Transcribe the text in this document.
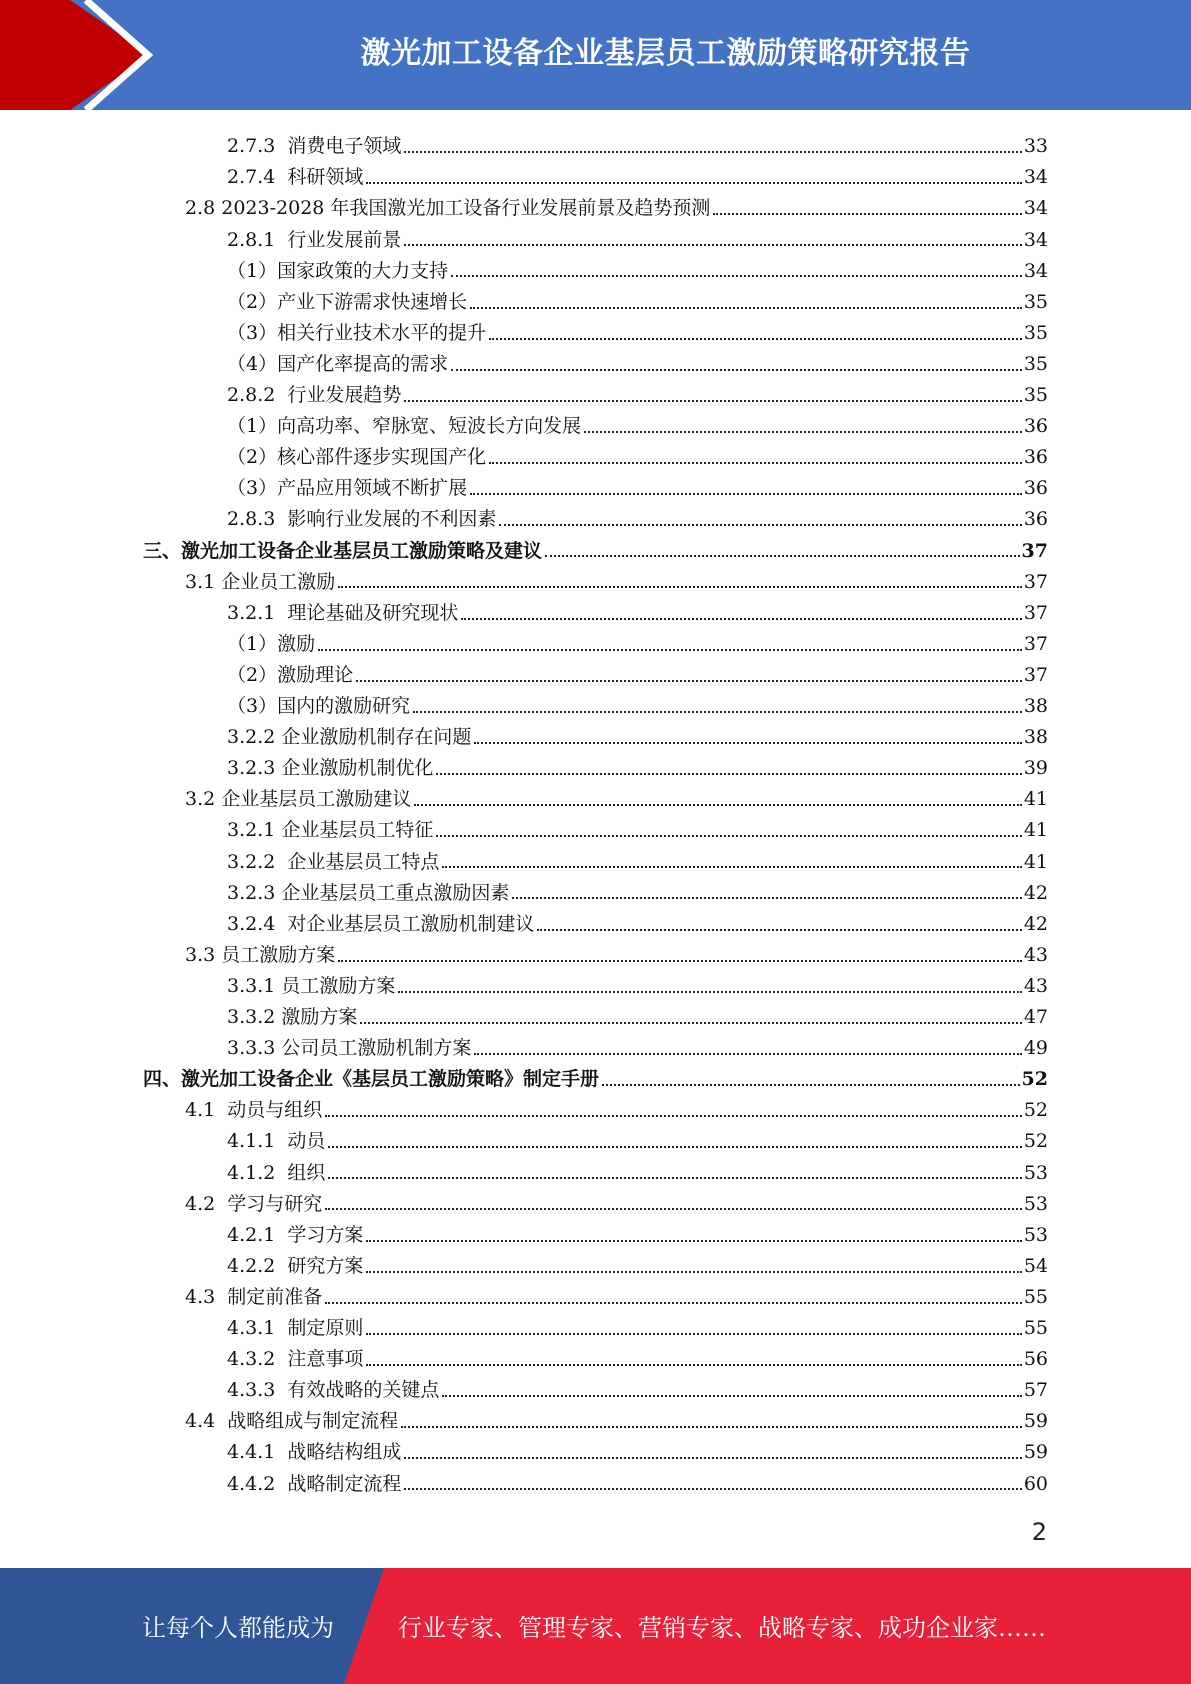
激光加工设备企业基层员工激励策略研究报告
2.7.3  消费电子领域	33
2.7.4  科研领域	34
2.8 2023-2028 年我国激光加工设备行业发展前景及趋势预测	34
2.8.1  行业发展前景	34
（1）国家政策的大力支持	34
（2）产业下游需求快速增长	35
（3）相关行业技术水平的提升	35
（4）国产化率提高的需求	35
2.8.2  行业发展趋势	35
（1）向高功率、窄脉宽、短波长方向发展	36
（2）核心部件逐步实现国产化	36
（3）产品应用领域不断扩展	36
2.8.3  影响行业发展的不利因素	36
三、激光加工设备企业基层员工激励策略及建议	37
3.1 企业员工激励	37
3.2.1  理论基础及研究现状	37
（1）激励	37
（2）激励理论	37
（3）国内的激励研究	38
3.2.2 企业激励机制存在问题	38
3.2.3 企业激励机制优化	39
3.2 企业基层员工激励建议	41
3.2.1 企业基层员工特征	41
3.2.2  企业基层员工特点	41
3.2.3 企业基层员工重点激励因素	42
3.2.4  对企业基层员工激励机制建议	42
3.3 员工激励方案	43
3.3.1 员工激励方案	43
3.3.2 激励方案	47
3.3.3 公司员工激励机制方案	49
四、激光加工设备企业《基层员工激励策略》制定手册	52
4.1  动员与组织	52
4.1.1  动员	52
4.1.2  组织	53
4.2  学习与研究	53
4.2.1  学习方案	53
4.2.2  研究方案	54
4.3  制定前准备	55
4.3.1  制定原则	55
4.3.2  注意事项	56
4.3.3  有效战略的关键点	57
4.4  战略组成与制定流程	59
4.4.1  战略结构组成	59
4.4.2  战略制定流程	60
2
让每个人都能成为	行业专家、管理专家、营销专家、战略专家、成功企业家……
